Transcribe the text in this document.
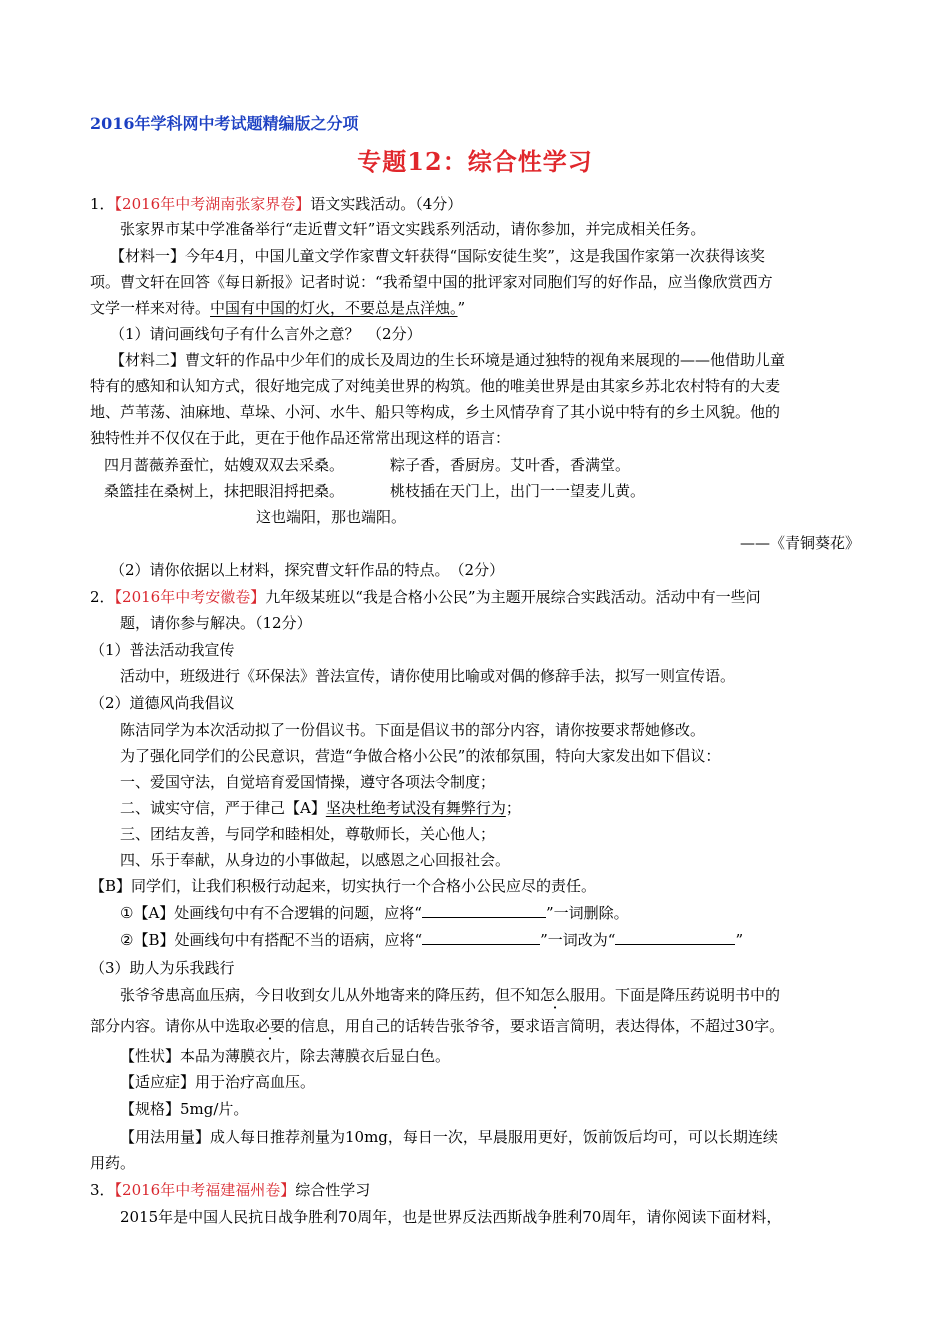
2016年学科网中考试题精编版之分项
专题12：综合性学习
1．【2016年中考湖南张家界卷】语文实践活动。（4分）
张家界市某中学准备举行“走近曹文轩”语文实践系列活动，请你参加，并完成相关任务。
【材料一】今年4月，中国儿童文学作家曹文轩获得“国际安徒生奖”，这是我国作家第一次获得该奖
项。曹文轩在回答《每日新报》记者时说：“我希望中国的批评家对同胞们写的好作品，应当像欣赏西方
文学一样来对待。中国有中国的灯火，不要总是点洋烛。”
（1）请问画线句子有什么言外之意？　（2分）
【材料二】曹文轩的作品中少年们的成长及周边的生长环境是通过独特的视角来展现的——他借助儿童
特有的感知和认知方式，很好地完成了对纯美世界的构筑。他的唯美世界是由其家乡苏北农村特有的大麦
地、芦苇荡、油麻地、草垛、小河、水牛、船只等构成，乡土风情孕育了其小说中特有的乡土风貌。他的
独特性并不仅仅在于此，更在于他作品还常常出现这样的语言：
四月蔷薇养蚕忙，姑嫂双双去采桑。	粽子香，香厨房。艾叶香，香满堂。
桑篮挂在桑树上，抹把眼泪捋把桑。	桃枝插在天门上，出门一一望麦儿黄。
这也端阳，那也端阳。
——《青铜葵花》
（2）请你依据以上材料，探究曹文轩作品的特点。　（2分）
2．【2016年中考安徽卷】九年级某班以“我是合格小公民”为主题开展综合实践活动。活动中有一些问
题，请你参与解决。（12分）
（1）普法活动我宣传
活动中，班级进行《环保法》普法宣传，请你使用比喻或对偶的修辞手法，拟写一则宣传语。
（2）道德风尚我倡议
陈洁同学为本次活动拟了一份倡议书。下面是倡议书的部分内容，请你按要求帮她修改。
为了强化同学们的公民意识，营造“争做合格小公民”的浓郁氛围，特向大家发出如下倡议：
一、爱国守法，自觉培育爱国情操，遵守各项法令制度；
二、诚实守信，严于律己【A】坚决杜绝考试没有舞弊行为；
三、团结友善，与同学和睦相处，尊敬师长，关心他人；
四、乐于奉献，从身边的小事做起，以感恩之心回报社会。
【B】同学们，让我们积极行动起来，切实执行一个合格小公民应尽的责任。
①【A】处画线句中有不合逻辑的问题，应将“	”一词删除。
②【B】处画线句中有搭配不当的语病，应将“	”一词改为“	”
（3）助人为乐我践行
张爷爷患高血压病，今日收到女儿从外地寄来的降压药，但不知怎么服用 ·。下面是降压药说明书中的
部分内容。请你从中选取必要的信息，用自己的话转告张爷爷，要求语言简明，表达得体，不超过30字。
【性状】本品为薄膜衣片，除去薄膜衣后显白色。
【适应症】用于治疗高血压。
【规格】5mg/片。
【用法用量】成人每日推荐剂量为10mg，每日一次，早晨服用更好，饭前饭后均可，可以长期连续
用药。
3．【2016年中考福建福州卷】综合性学习
2015年是中国人民抗日战争胜利70周年，也是世界反法西斯战争胜利70周年，请你阅读下面材料，
